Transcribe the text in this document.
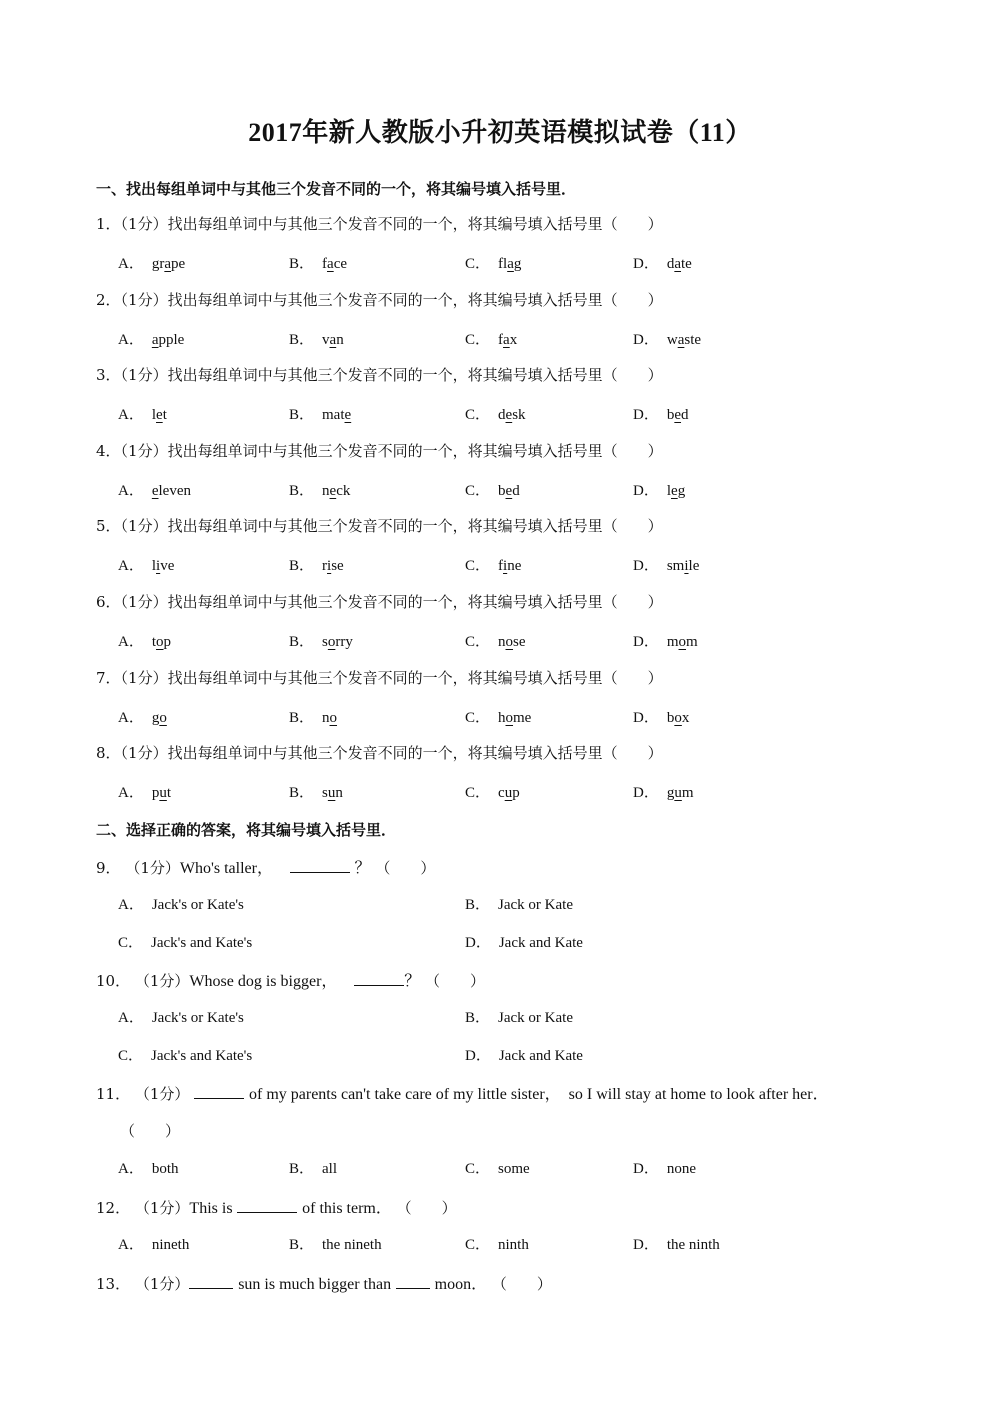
2017年新人教版小升初英语模拟试卷（11）
一、找出每组单词中与其他三个发音不同的一个，将其编号填入括号里．
1．（1分）找出每组单词中与其他三个发音不同的一个，将其编号填入括号里（　　）
A． grape	B． face	C． flag	D． date
2．（1分）找出每组单词中与其他三个发音不同的一个，将其编号填入括号里（　　）
A． apple	B． van	C． fax	D． waste
3．（1分）找出每组单词中与其他三个发音不同的一个，将其编号填入括号里（　　）
A． let	B． mate	C． desk	D． bed
4．（1分）找出每组单词中与其他三个发音不同的一个，将其编号填入括号里（　　）
A． eleven	B． neck	C． bed	D． leg
5．（1分）找出每组单词中与其他三个发音不同的一个，将其编号填入括号里（　　）
A． live	B． rise	C． fine	D． smile
6．（1分）找出每组单词中与其他三个发音不同的一个，将其编号填入括号里（　　）
A． top	B． sorry	C． nose	D． mom
7．（1分）找出每组单词中与其他三个发音不同的一个，将其编号填入括号里（　　）
A． go	B． no	C． home	D． box
8．（1分）找出每组单词中与其他三个发音不同的一个，将其编号填入括号里（　　）
A． put	B． sun	C． cup	D． gum
二、选择正确的答案，将其编号填入括号里．
9． （1分）Who's taller，	？ （　　）
A． Jack's or Kate's	B． Jack or Kate
C． Jack's and Kate's	D． Jack and Kate
10． （1分）Whose dog is bigger，	？ （　　）
A． Jack's or Kate's	B． Jack or Kate
C． Jack's and Kate's	D． Jack and Kate
11． （1分）	of my parents can't take care of my little sister，　so I will stay at home to look after her．
（　　）
A． both	B． all	C． some	D． none
12． （1分）This is	of this term． （　　）
A． nineth	B． the nineth	C． ninth	D． the ninth
13． （1分）	sun is much bigger than	moon． （　　）
